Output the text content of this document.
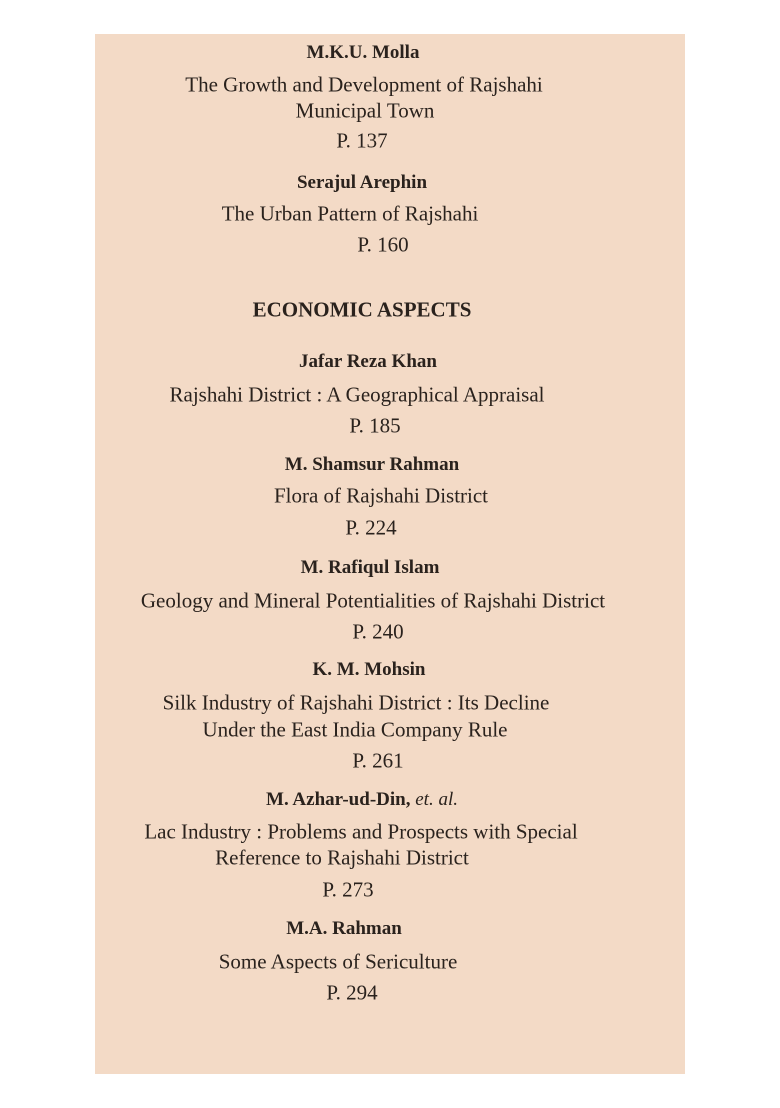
M.K.U. Molla
The Growth and Development of Rajshahi
Municipal Town
P. 137
Serajul Arephin
The Urban Pattern of Rajshahi
P. 160
ECONOMIC ASPECTS
Jafar Reza Khan
Rajshahi District : A Geographical Appraisal
P. 185
M. Shamsur Rahman
Flora of Rajshahi District
P. 224
M. Rafiqul Islam
Geology and Mineral Potentialities of Rajshahi District
P. 240
K. M. Mohsin
Silk Industry of Rajshahi District : Its Decline
Under the East India Company Rule
P. 261
M. Azhar-ud-Din, et. al.
Lac Industry : Problems and Prospects with Special
Reference to Rajshahi District
P. 273
M.A. Rahman
Some Aspects of Sericulture
P. 294
